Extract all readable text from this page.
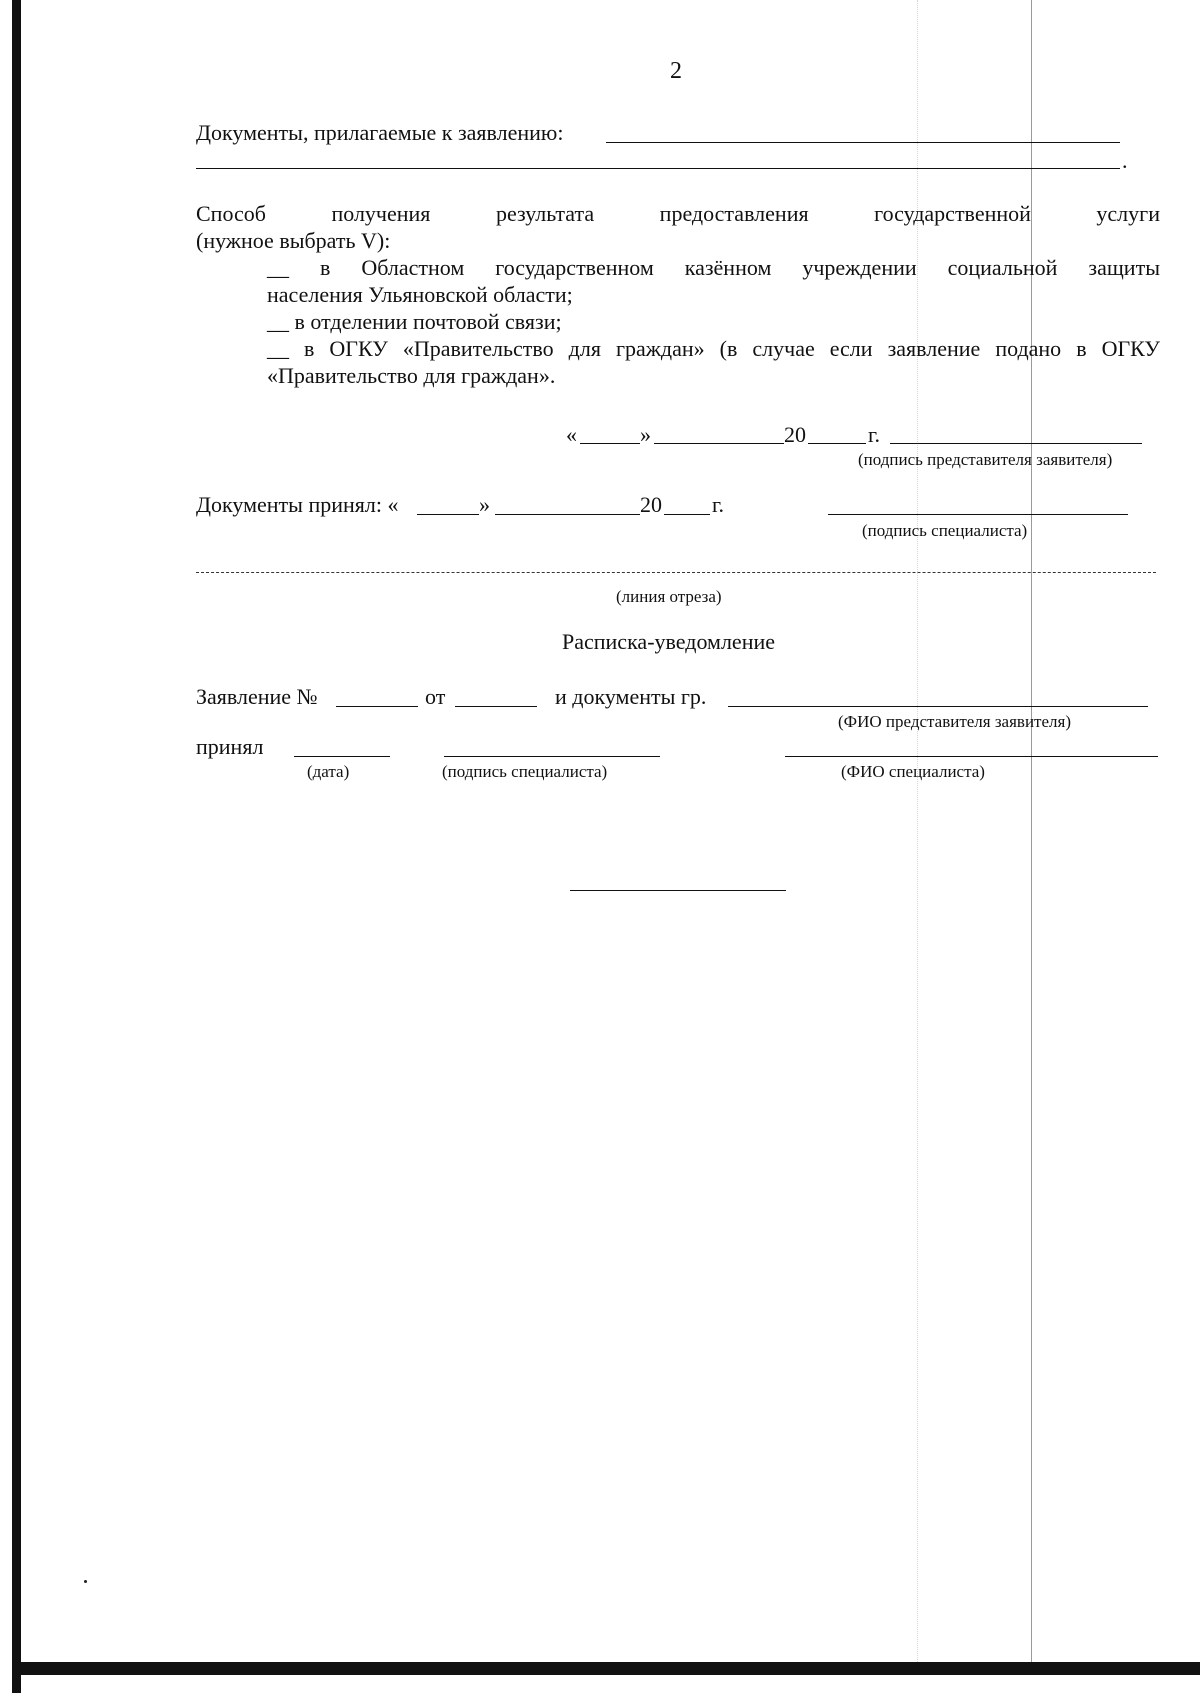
2
Документы, прилагаемые к заявлению:
.
Способ	получения	результата	предоставления	государственной	услуги
(нужное выбрать V):
__ в Областном государственном казённом учреждении социальной защиты
населения Ульяновской области;
__ в отделении почтовой связи;
__ в ОГКУ «Правительство для граждан» (в случае если заявление подано в ОГКУ
«Правительство для граждан».
«	»	20	г.
(подпись представителя заявителя)
Документы принял: «	»	20 г.
(подпись специалиста)
(линия отреза)
Расписка-уведомление
Заявление №	от	и документы гр.
(ФИО представителя заявителя)
принял
(дата)	(подпись специалиста)	(ФИО специалиста)
